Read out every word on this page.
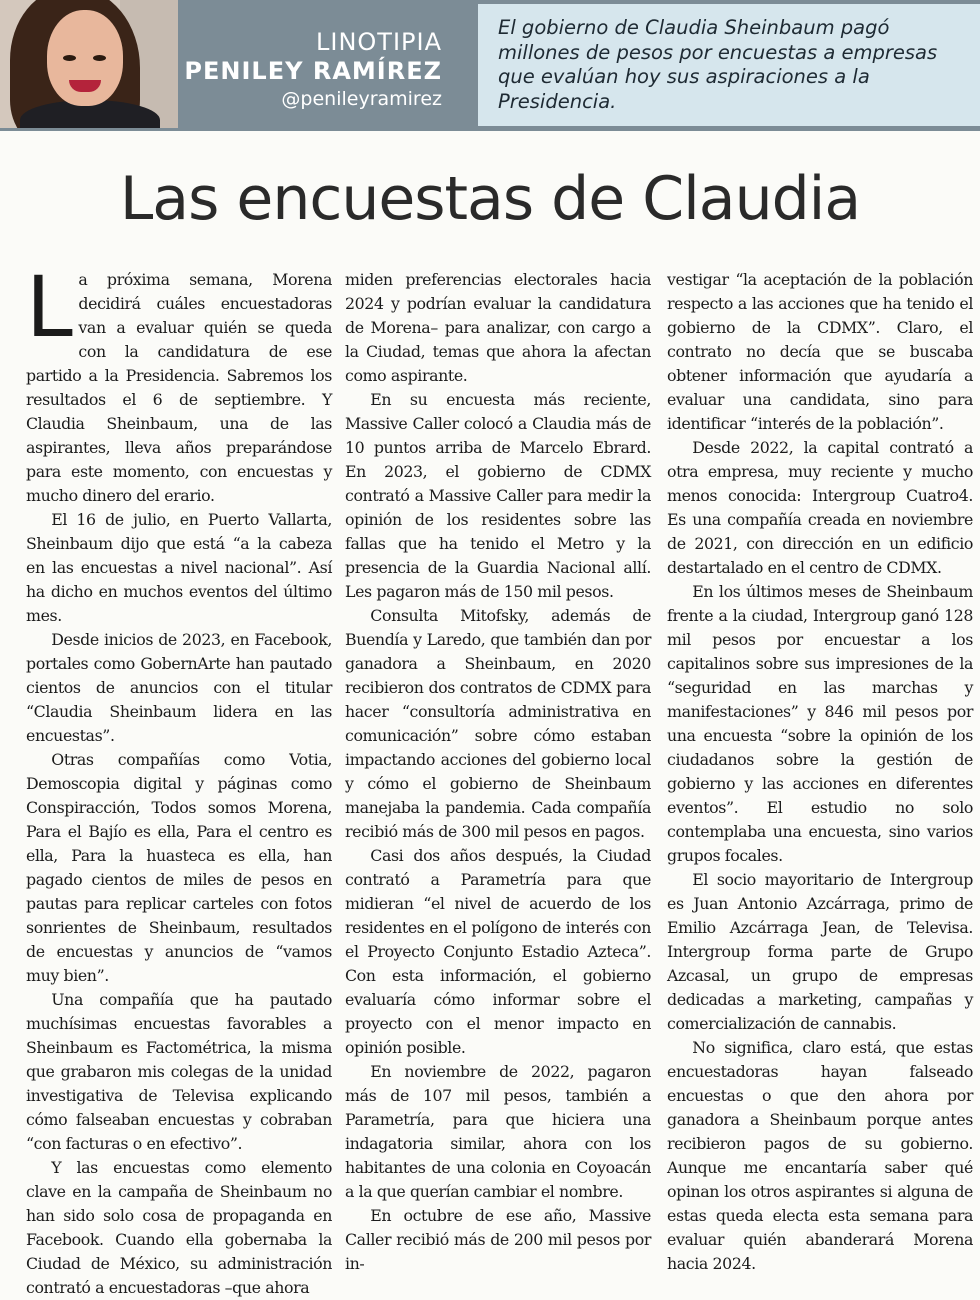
LINOTIPIA
PENILEY RAMÍREZ
@penileyramirez
El gobierno de Claudia Sheinbaum pagó millones de pesos por encuestas a empresas que evalúan hoy sus aspiraciones a la Presidencia.
Las encuestas de Claudia

La próxima semana, Morena decidirá cuáles encuestadoras van a evaluar quién se queda con la candidatura de ese partido a la Presidencia. Sabremos los resultados el 6 de septiembre. Y Claudia Sheinbaum, una de las aspirantes, lleva años preparándose para este momento, con encuestas y mucho dinero del erario.

El 16 de julio, en Puerto Vallarta, Sheinbaum dijo que está “a la cabeza en las encuestas a nivel nacional”. Así ha dicho en muchos eventos del último mes.

Desde inicios de 2023, en Facebook, portales como GobernArte han pautado cientos de anuncios con el titular “Claudia Sheinbaum lidera en las encuestas”.

Otras compañías como Votia, Demoscopia digital y páginas como Conspiracción, Todos somos Morena, Para el Bajío es ella, Para el centro es ella, Para la huasteca es ella, han pagado cientos de miles de pesos en pautas para replicar carteles con fotos sonrientes de Sheinbaum, resultados de encuestas y anuncios de “vamos muy bien”.

Una compañía que ha pautado muchísimas encuestas favorables a Sheinbaum es Factométrica, la misma que grabaron mis colegas de la unidad investigativa de Televisa explicando cómo falseaban encuestas y cobraban “con facturas o en efectivo”.

Y las encuestas como elemento clave en la campaña de Sheinbaum no han sido solo cosa de propaganda en Facebook. Cuando ella gobernaba la Ciudad de México, su administración contrató a encuestadoras –que ahora

miden preferencias electorales hacia 2024 y podrían evaluar la candidatura de Morena– para analizar, con cargo a la Ciudad, temas que ahora la afectan como aspirante.

En su encuesta más reciente, Massive Caller colocó a Claudia más de 10 puntos arriba de Marcelo Ebrard. En 2023, el gobierno de CDMX contrató a Massive Caller para medir la opinión de los residentes sobre las fallas que ha tenido el Metro y la presencia de la Guardia Nacional allí. Les pagaron más de 150 mil pesos.

Consulta Mitofsky, además de Buendía y Laredo, que también dan por ganadora a Sheinbaum, en 2020 recibieron dos contratos de CDMX para hacer “consultoría administrativa en comunicación” sobre cómo estaban impactando acciones del gobierno local y cómo el gobierno de Sheinbaum manejaba la pandemia. Cada compañía recibió más de 300 mil pesos en pagos.

Casi dos años después, la Ciudad contrató a Parametría para que midieran “el nivel de acuerdo de los residentes en el polígono de interés con el Proyecto Conjunto Estadio Azteca”. Con esta información, el gobierno evaluaría cómo informar sobre el proyecto con el menor impacto en opinión posible.

En noviembre de 2022, pagaron más de 107 mil pesos, también a Parametría, para que hiciera una indagatoria similar, ahora con los habitantes de una colonia en Coyoacán a la que querían cambiar el nombre.

En octubre de ese año, Massive Caller recibió más de 200 mil pesos por in-

vestigar “la aceptación de la población respecto a las acciones que ha tenido el gobierno de la CDMX”. Claro, el contrato no decía que se buscaba obtener información que ayudaría a evaluar una candidata, sino para identificar “interés de la población”.

Desde 2022, la capital contrató a otra empresa, muy reciente y mucho menos conocida: Intergroup Cuatro4. Es una compañía creada en noviembre de 2021, con dirección en un edificio destartalado en el centro de CDMX.

En los últimos meses de Sheinbaum frente a la ciudad, Intergroup ganó 128 mil pesos por encuestar a los capitalinos sobre sus impresiones de la “seguridad en las marchas y manifestaciones” y 846 mil pesos por una encuesta “sobre la opinión de los ciudadanos sobre la gestión de gobierno y las acciones en diferentes eventos”. El estudio no solo contemplaba una encuesta, sino varios grupos focales.

El socio mayoritario de Intergroup es Juan Antonio Azcárraga, primo de Emilio Azcárraga Jean, de Televisa. Intergroup forma parte de Grupo Azcasal, un grupo de empresas dedicadas a marketing, campañas y comercialización de cannabis.

No significa, claro está, que estas encuestadoras hayan falseado encuestas o que den ahora por ganadora a Sheinbaum porque antes recibieron pagos de su gobierno. Aunque me encantaría saber qué opinan los otros aspirantes si alguna de estas queda electa esta semana para evaluar quién abanderará Morena hacia 2024.
